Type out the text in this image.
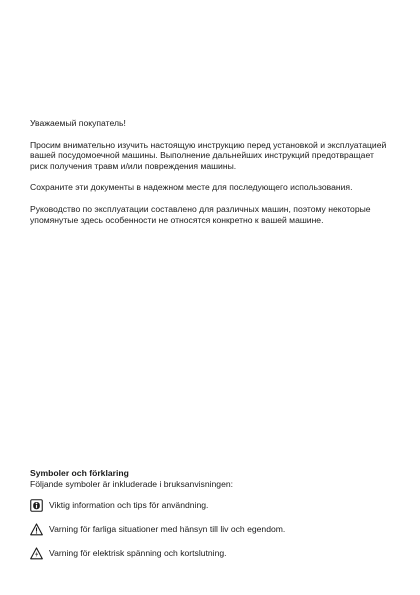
Уважаемый покупатель!

Просим внимательно изучить настоящую инструкцию перед установкой и эксплуатацией вашей посудомоечной машины. Выполнение дальнейших инструкций предотвращает риск получения травм и/или повреждения машины.

Сохраните эти документы в надежном месте для последующего использования.

Руководство по эксплуатации составлено для различных машин, поэтому некоторые упомянутые здесь особенности не относятся конкретно к вашей машине.

Symboler och förklaring

Följande symboler är inkluderade i bruksanvisningen:

Viktig information och tips för användning.
Varning för farliga situationer med hänsyn till liv och egendom.
Varning för elektrisk spänning och kortslutning.
